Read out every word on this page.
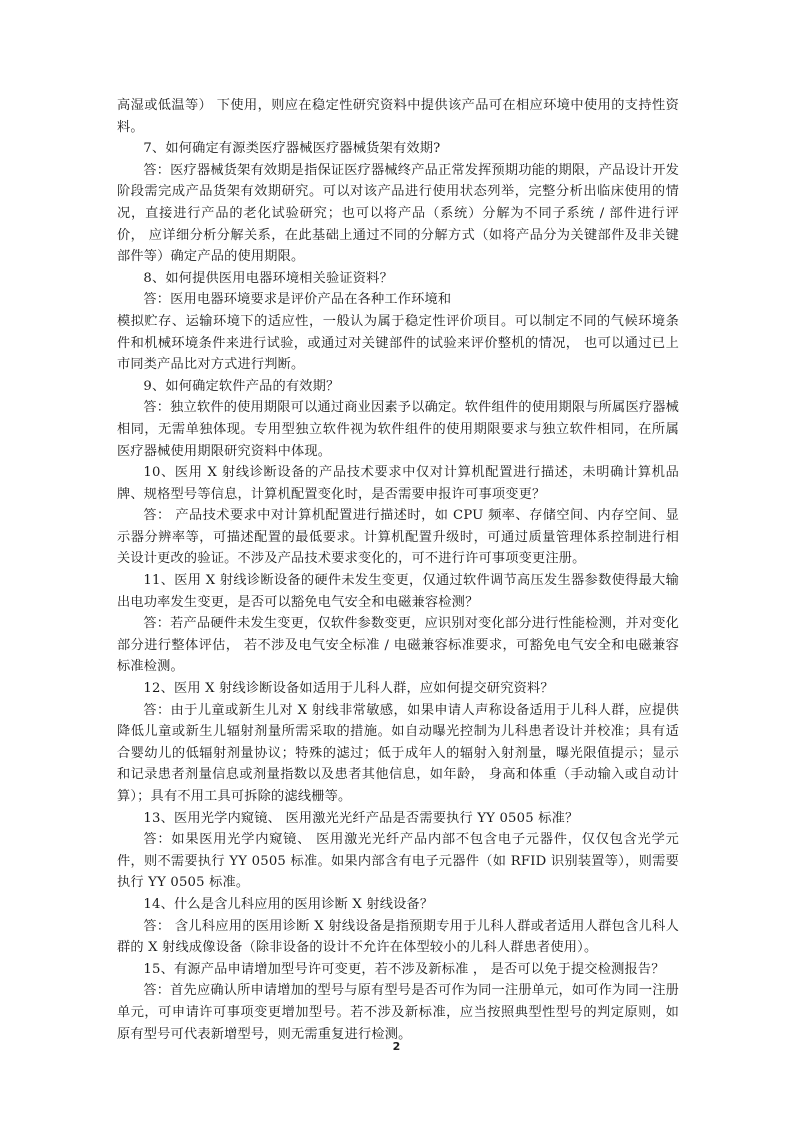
高湿或低温等） 下使用，则应在稳定性研究资料中提供该产品可在相应环境中使用的支持性资料。

7、如何确定有源类医疗器械医疗器械货架有效期?

答：医疗器械货架有效期是指保证医疗器械终产品正常发挥预期功能的期限，产品设计开发阶段需完成产品货架有效期研究。可以对该产品进行使用状态列举，完整分析出临床使用的情况，直接进行产品的老化试验研究；也可以将产品（系统）分解为不同子系统 / 部件进行评价， 应详细分析分解关系，在此基础上通过不同的分解方式（如将产品分为关键部件及非关键部件等）确定产品的使用期限。

8、如何提供医用电器环境相关验证资料？

答：医用电器环境要求是评价产品在各种工作环境和

模拟贮存、运输环境下的适应性，一般认为属于稳定性评价项目。可以制定不同的气候环境条件和机械环境条件来进行试验，或通过对关键部件的试验来评价整机的情况， 也可以通过已上市同类产品比对方式进行判断。

9、如何确定软件产品的有效期？

答：独立软件的使用期限可以通过商业因素予以确定。软件组件的使用期限与所属医疗器械相同，无需单独体现。专用型独立软件视为软件组件的使用期限要求与独立软件相同，在所属医疗器械使用期限研究资料中体现。

10、医用 X 射线诊断设备的产品技术要求中仅对计算机配置进行描述，未明确计算机品牌、规格型号等信息，计算机配置变化时，是否需要申报许可事项变更？

答： 产品技术要求中对计算机配置进行描述时，如 CPU 频率、存储空间、内存空间、显示器分辨率等，可描述配置的最低要求。计算机配置升级时，可通过质量管理体系控制进行相关设计更改的验证。不涉及产品技术要求变化的，可不进行许可事项变更注册。

11、医用 X 射线诊断设备的硬件未发生变更，仅通过软件调节高压发生器参数使得最大输出电功率发生变更，是否可以豁免电气安全和电磁兼容检测？

答：若产品硬件未发生变更，仅软件参数变更，应识别对变化部分进行性能检测，并对变化部分进行整体评估， 若不涉及电气安全标准 / 电磁兼容标准要求，可豁免电气安全和电磁兼容标准检测。

12、医用 X 射线诊断设备如适用于儿科人群，应如何提交研究资料？

答：由于儿童或新生儿对 X 射线非常敏感，如果申请人声称设备适用于儿科人群，应提供降低儿童或新生儿辐射剂量所需采取的措施。如自动曝光控制为儿科患者设计并校准；具有适合婴幼儿的低辐射剂量协议；特殊的滤过；低于成年人的辐射入射剂量，曝光限值提示；显示和记录患者剂量信息或剂量指数以及患者其他信息，如年龄， 身高和体重（手动输入或自动计算）；具有不用工具可拆除的滤线栅等。

13、医用光学内窥镜、 医用激光光纤产品是否需要执行 YY 0505 标准？

答：如果医用光学内窥镜、 医用激光光纤产品内部不包含电子元器件，仅仅包含光学元件，则不需要执行 YY 0505 标准。如果内部含有电子元器件（如 RFID 识别装置等），则需要执行 YY 0505 标准。

14、什么是含儿科应用的医用诊断 X 射线设备？

答： 含儿科应用的医用诊断 X 射线设备是指预期专用于儿科人群或者适用人群包含儿科人群的 X 射线成像设备（除非设备的设计不允许在体型较小的儿科人群患者使用）。

15、有源产品申请增加型号许可变更，若不涉及新标准 ， 是否可以免于提交检测报告？

答：首先应确认所申请增加的型号与原有型号是否可作为同一注册单元，如可作为同一注册单元，可申请许可事项变更增加型号。若不涉及新标准，应当按照典型性型号的判定原则，如原有型号可代表新增型号，则无需重复进行检测。

2
